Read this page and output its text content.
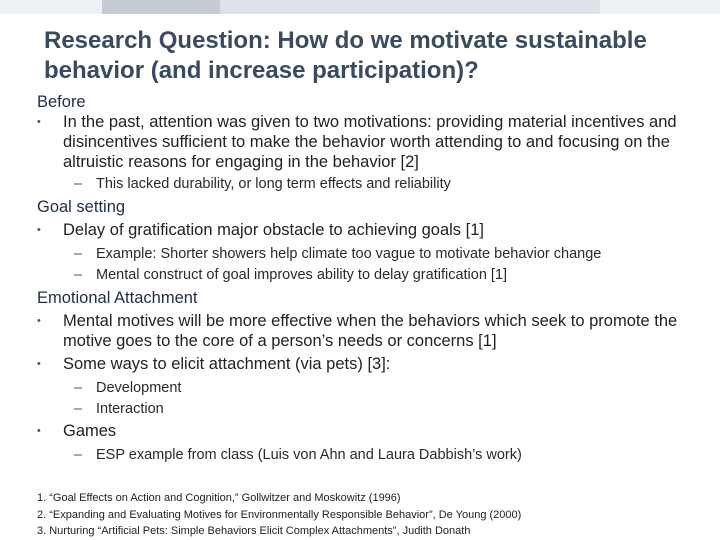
Research Question: How do we motivate sustainable behavior (and increase participation)?
Before
•	In the past, attention was given to two motivations: providing material incentives and disincentives sufficient to make the behavior worth attending to and focusing on the altruistic reasons for engaging in the behavior [2]
– This lacked durability, or long term effects and reliability
Goal setting
•	Delay of gratification major obstacle to achieving goals [1]
– Example: Shorter showers help climate too vague to motivate behavior change
– Mental construct of goal improves ability to delay gratification [1]
Emotional Attachment
•	Mental motives will be more effective when the behaviors which seek to promote the motive goes to the core of a person’s needs or concerns [1]
•	Some ways to elicit attachment (via pets) [3]:
– Development
– Interaction
•	Games
– ESP example from class (Luis von Ahn and Laura Dabbish’s work)
1. “Goal Effects on Action and Cognition,” Gollwitzer and Moskowitz (1996)
2. “Expanding and Evaluating Motives for Environmentally Responsible Behavior”, De Young (2000)
3. Nurturing “Artificial Pets: Simple Behaviors Elicit Complex Attachments”, Judith Donath
